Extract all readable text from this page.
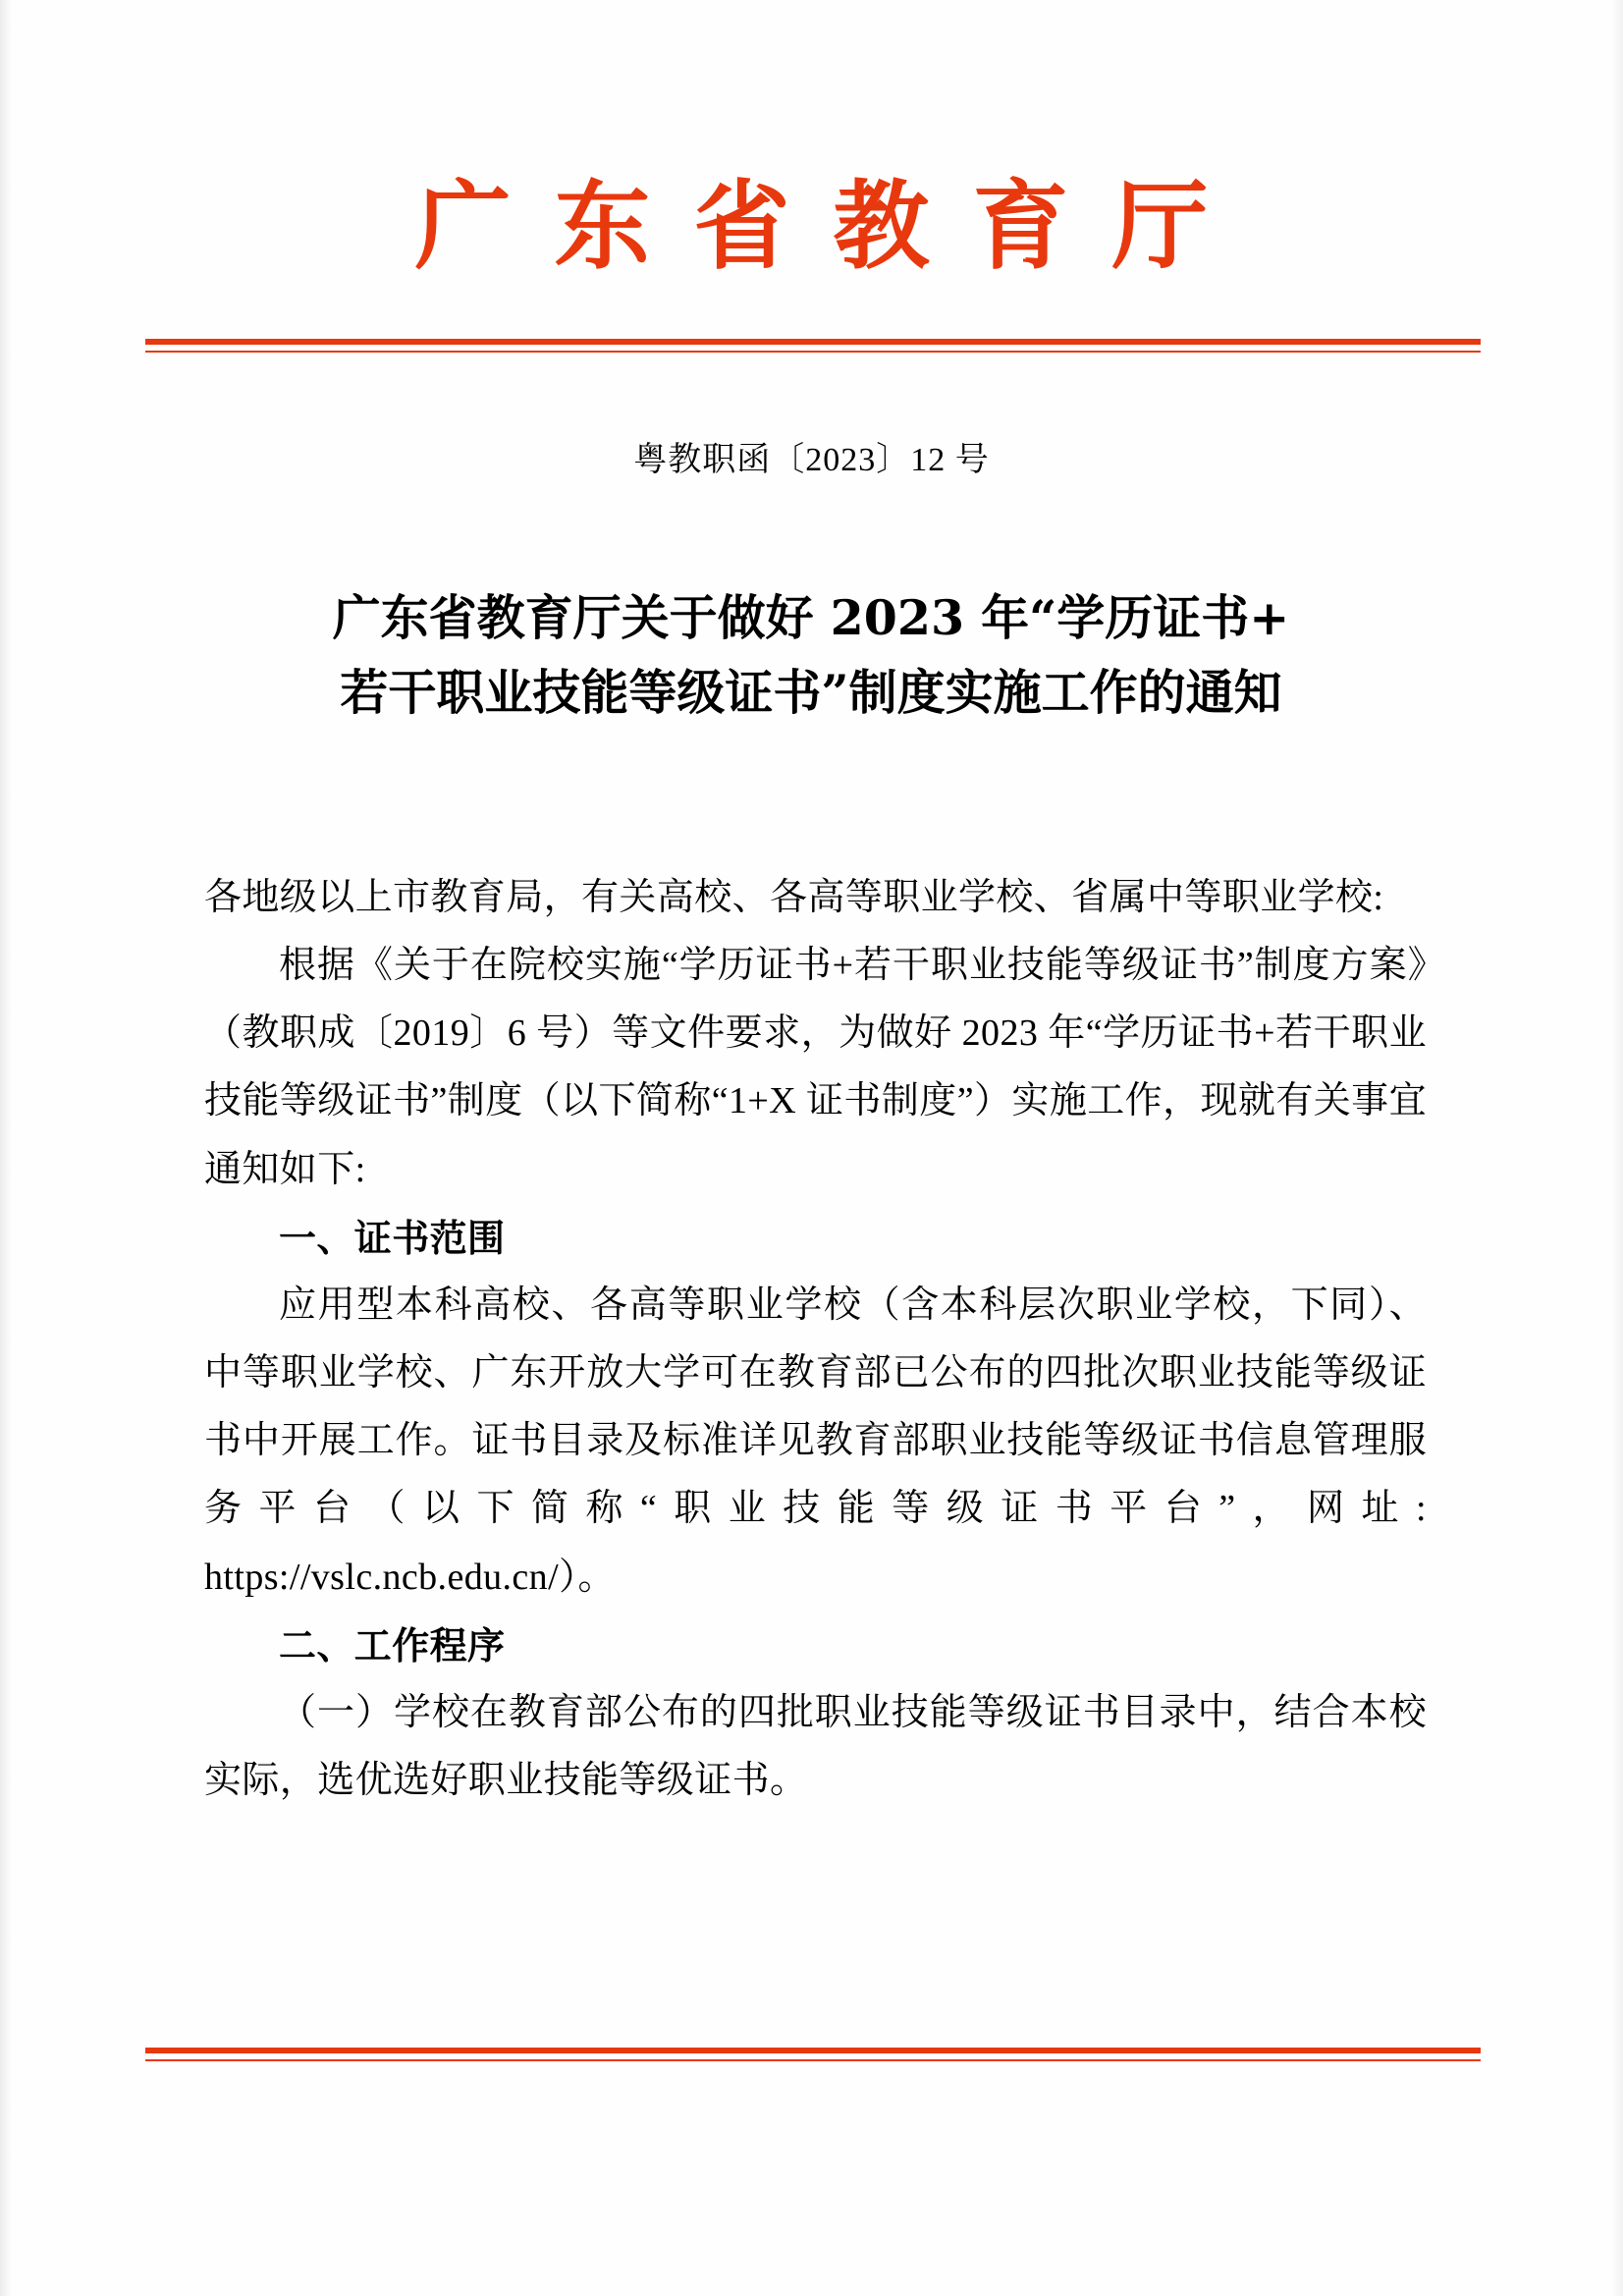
广东省教育厅
粤教职函〔2023〕12 号
广东省教育厅关于做好 2023 年“学历证书+
若干职业技能等级证书”制度实施工作的通知

各地级以上市教育局，有关高校、各高等职业学校、省属中等职业学校:

根据《关于在院校实施“学历证书+若干职业技能等级证书”制度方案》（教职成〔2019〕6 号）等文件要求，为做好 2023 年“学历证书+若干职业技能等级证书”制度（以下简称“1+X 证书制度”）实施工作，现就有关事宜通知如下:

一、证书范围

应用型本科高校、各高等职业学校（含本科层次职业学校，下同）、中等职业学校、广东开放大学可在教育部已公布的四批次职业技能等级证书中开展工作。证书目录及标准详见教育部职业技能等级证书信息管理服务平台（以下简称“职业技能等级证书平台”，网址: https://vslc.ncb.edu.cn/）。

二、工作程序

（一）学校在教育部公布的四批职业技能等级证书目录中，结合本校实际，选优选好职业技能等级证书。
